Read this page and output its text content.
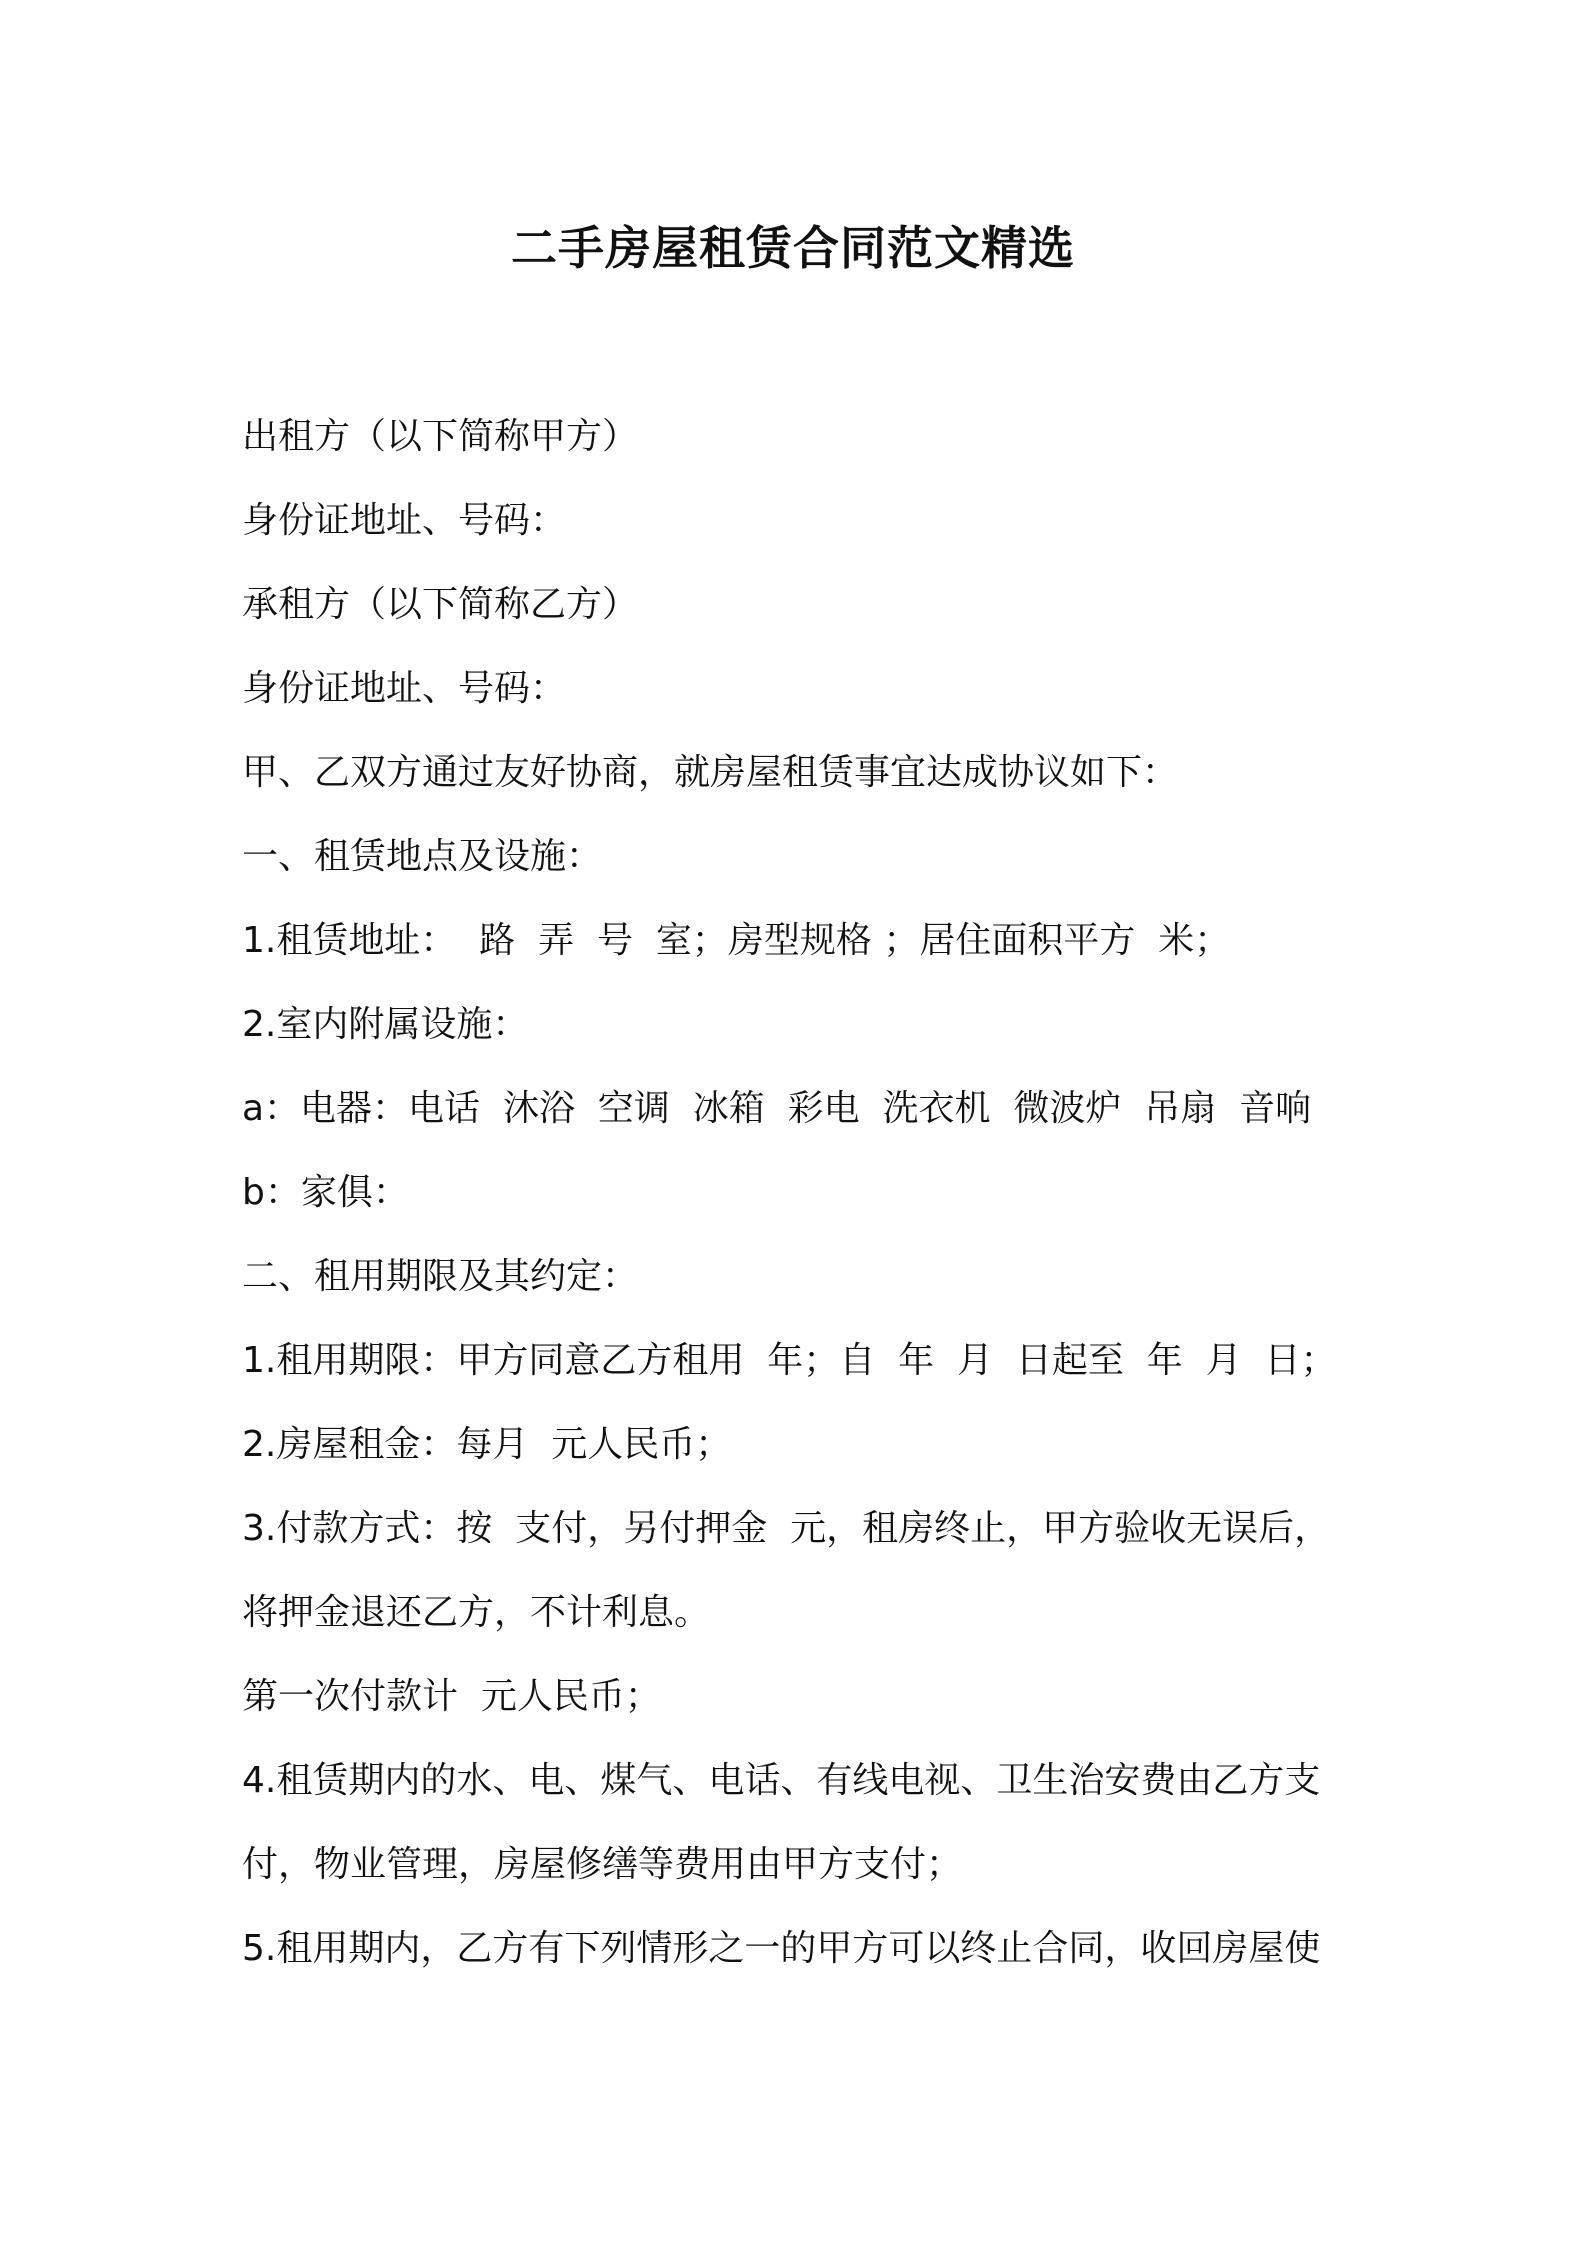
二手房屋租赁合同范文精选

出租方（以下简称甲方）

身份证地址、号码：

承租方（以下简称乙方）

身份证地址、号码：

甲、乙双方通过友好协商，就房屋租赁事宜达成协议如下：

一、租赁地点及设施：

1.租赁地址：  路  弄  号  室；房型规格 ；居住面积平方  米；

2.室内附属设施：

a：电器：电话  沐浴  空调  冰箱  彩电  洗衣机  微波炉  吊扇  音响

b：家俱：

二、租用期限及其约定：

1.租用期限：甲方同意乙方租用  年；自  年  月  日起至  年  月  日；

2.房屋租金：每月  元人民币；

3.付款方式：按  支付，另付押金  元，租房终止，甲方验收无误后，

将押金退还乙方，不计利息。

第一次付款计  元人民币；

4.租赁期内的水、电、煤气、电话、有线电视、卫生治安费由乙方支

付，物业管理，房屋修缮等费用由甲方支付；

5.租用期内，乙方有下列情形之一的甲方可以终止合同，收回房屋使
